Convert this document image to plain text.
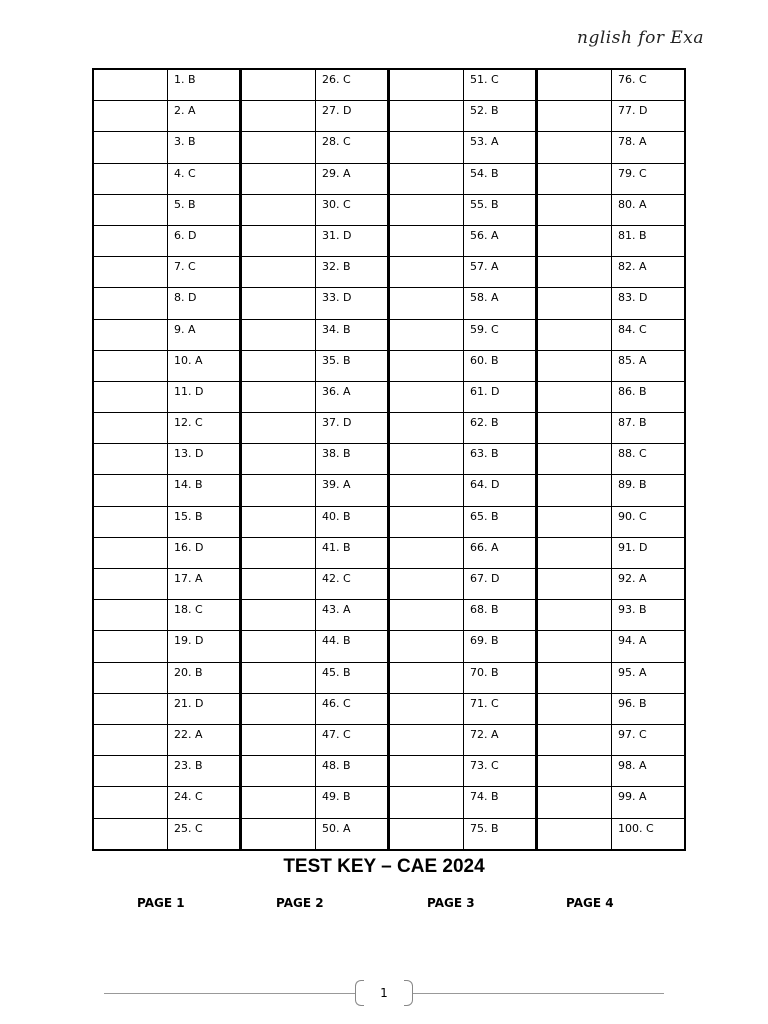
nglish for Exa
	1. B		26. C		51. C		76. C
	2. A		27. D		52. B		77. D
	3. B		28. C		53. A		78. A
	4. C		29. A		54. B		79. C
	5. B		30. C		55. B		80. A
	6. D		31. D		56. A		81. B
	7. C		32. B		57. A		82. A
	8. D		33. D		58. A		83. D
	9. A		34. B		59. C		84. C
	10. A		35. B		60. B		85. A
	11. D		36. A		61. D		86. B
	12. C		37. D		62. B		87. B
	13. D		38. B		63. B		88. C
	14. B		39. A		64. D		89. B
	15. B		40. B		65. B		90. C
	16. D		41. B		66. A		91. D
	17. A		42. C		67. D		92. A
	18. C		43. A		68. B		93. B
	19. D		44. B		69. B		94. A
	20. B		45. B		70. B		95. A
	21. D		46. C		71. C		96. B
	22. A		47. C		72. A		97. C
	23. B		48. B		73. C		98. A
	24. C		49. B		74. B		99. A
	25. C		50. A		75. B		100. C
TEST KEY – CAE 2024
PAGE 1	PAGE 2	PAGE 3	PAGE 4
1
